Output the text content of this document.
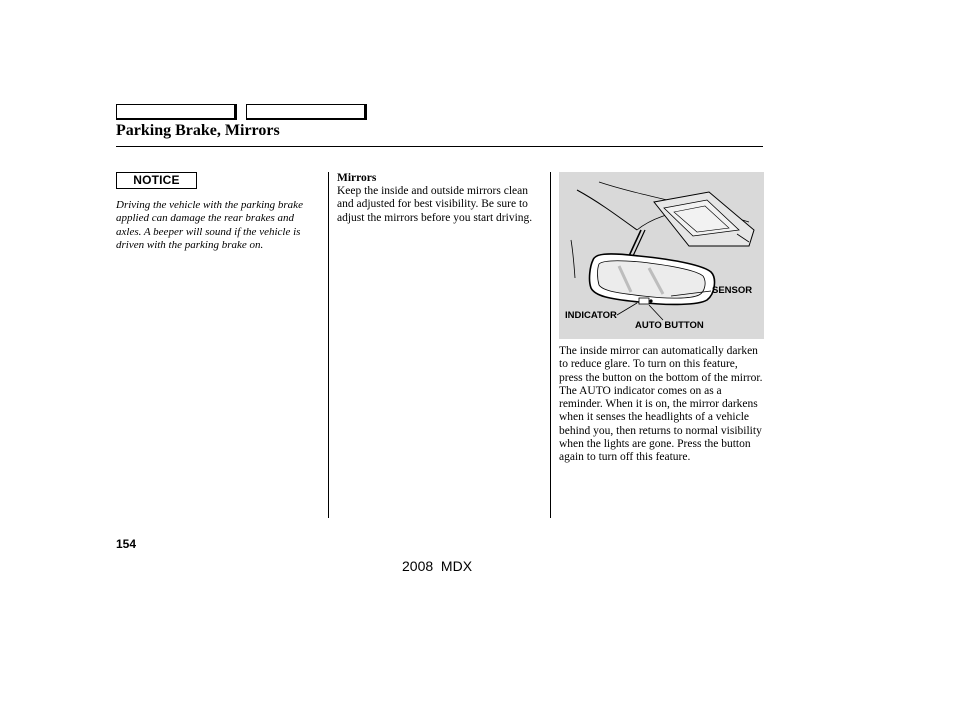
Parking Brake, Mirrors
NOTICE
Driving the vehicle with the parking brake applied can damage the rear brakes and axles. A beeper will sound if the vehicle is driven with the parking brake on.
Mirrors
Keep the inside and outside mirrors clean and adjusted for best visibility. Be sure to adjust the mirrors before you start driving.
SENSOR
INDICATOR
AUTO BUTTON
The inside mirror can automatically darken to reduce glare. To turn on this feature, press the button on the bottom of the mirror. The AUTO indicator comes on as a reminder. When it is on, the mirror darkens when it senses the headlights of a vehicle behind you, then returns to normal visibility when the lights are gone. Press the button again to turn off this feature.
154
2008  MDX
